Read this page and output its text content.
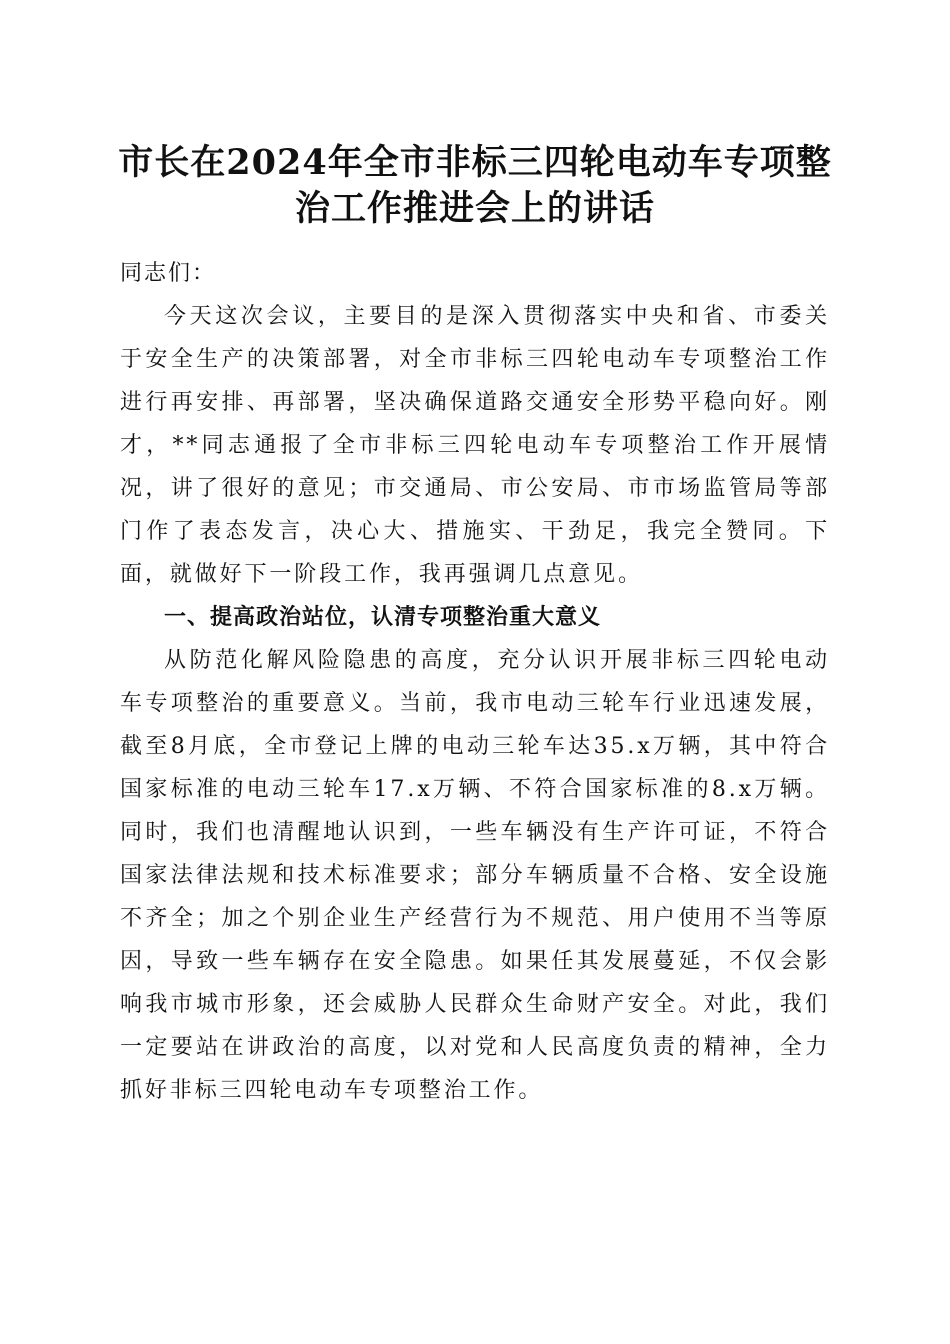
市长在2024年全市非标三四轮电动车专项整
治工作推进会上的讲话

同志们：

今天这次会议，主要目的是深入贯彻落实中央和省、市委关于安全生产的决策部署，对全市非标三四轮电动车专项整治工作进行再安排、再部署，坚决确保道路交通安全形势平稳向好。刚才，**同志通报了全市非标三四轮电动车专项整治工作开展情况，讲了很好的意见；市交通局、市公安局、市市场监管局等部门作了表态发言，决心大、措施实、干劲足，我完全赞同。下面，就做好下一阶段工作，我再强调几点意见。

一、提高政治站位，认清专项整治重大意义

从防范化解风险隐患的高度，充分认识开展非标三四轮电动车专项整治的重要意义。当前，我市电动三轮车行业迅速发展，截至8月底，全市登记上牌的电动三轮车达35.x万辆，其中符合国家标准的电动三轮车17.x万辆、不符合国家标准的8.x万辆。同时，我们也清醒地认识到，一些车辆没有生产许可证，不符合国家法律法规和技术标准要求；部分车辆质量不合格、安全设施不齐全；加之个别企业生产经营行为不规范、用户使用不当等原因，导致一些车辆存在安全隐患。如果任其发展蔓延，不仅会影响我市城市形象，还会威胁人民群众生命财产安全。对此，我们一定要站在讲政治的高度，以对党和人民高度负责的精神，全力抓好非标三四轮电动车专项整治工作。
